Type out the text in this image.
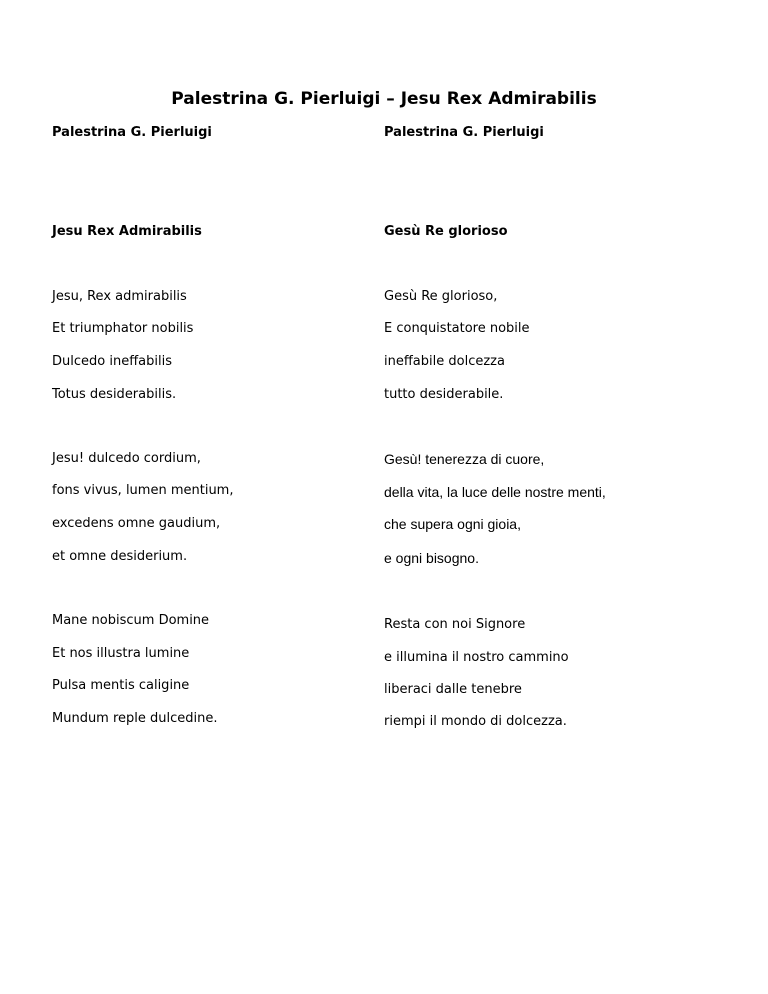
Palestrina G. Pierluigi – Jesu Rex Admirabilis
Palestrina G. Pierluigi
Jesu Rex Admirabilis
Jesu, Rex admirabilis
Et triumphator nobilis
Dulcedo ineffabilis
Totus desiderabilis.
Jesu! dulcedo cordium,
fons vivus, lumen mentium,
excedens omne gaudium,
et omne desiderium.
Mane nobiscum Domine
Et nos illustra lumine
Pulsa mentis caligine
Mundum reple dulcedine.
Palestrina G. Pierluigi
Gesù Re glorioso
Gesù Re glorioso,
E conquistatore nobile
ineffabile dolcezza
tutto desiderabile.
Gesù! tenerezza di cuore,
della vita, la luce delle nostre menti,
che supera ogni gioia,
e ogni bisogno.
Resta con noi Signore
e illumina il nostro cammino
liberaci dalle tenebre
riempi il mondo di dolcezza.
